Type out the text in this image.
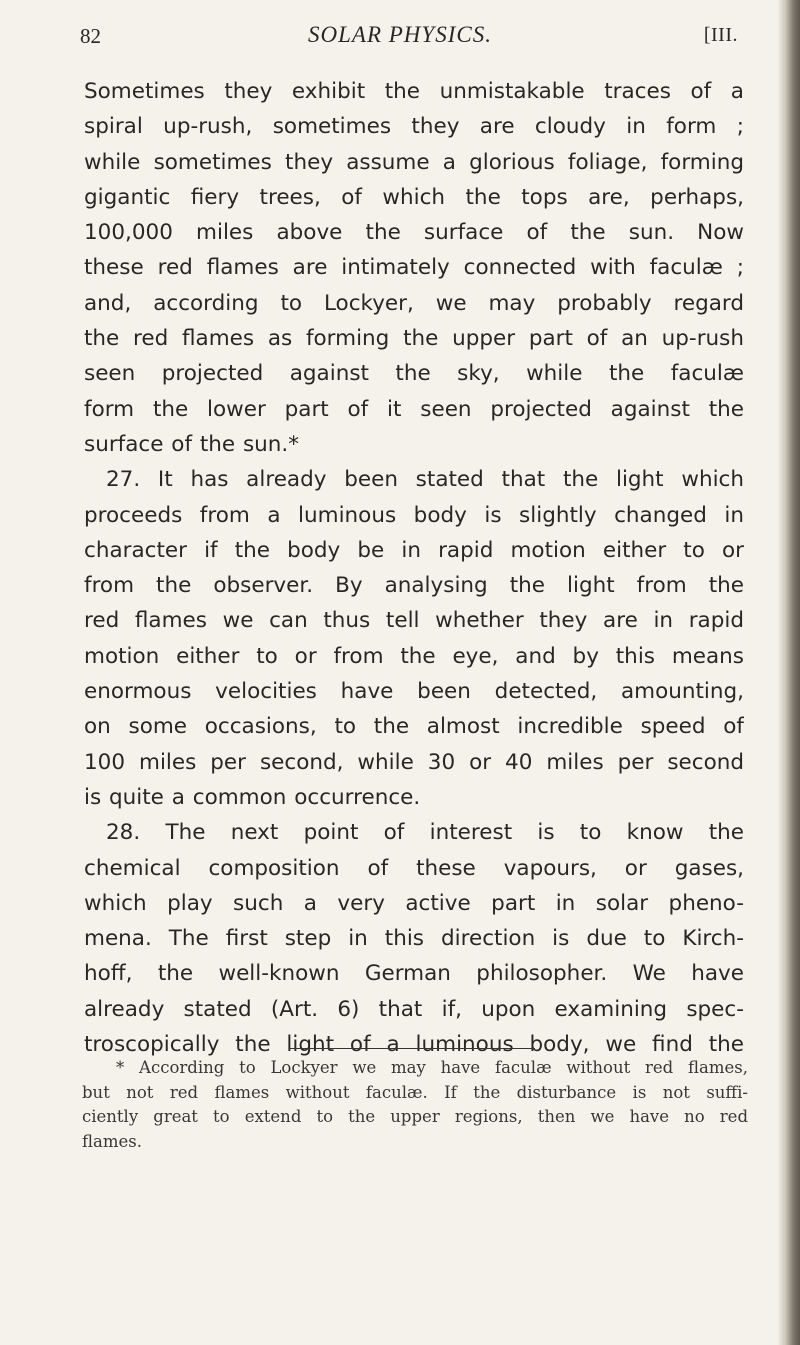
82	SOLAR PHYSICS.	[III.
Sometimes they exhibit the unmistakable traces of a
spiral up-rush, sometimes they are cloudy in form ;
while sometimes they assume a glorious foliage, forming
gigantic fiery trees, of which the tops are, perhaps,
100,000 miles above the surface of the sun. Now
these red flames are intimately connected with faculæ ;
and, according to Lockyer, we may probably regard
the red flames as forming the upper part of an up-rush
seen projected against the sky, while the faculæ
form the lower part of it seen projected against the
surface of the sun.*
27. It has already been stated that the light which
proceeds from a luminous body is slightly changed in
character if the body be in rapid motion either to or
from the observer. By analysing the light from the
red flames we can thus tell whether they are in rapid
motion either to or from the eye, and by this means
enormous velocities have been detected, amounting,
on some occasions, to the almost incredible speed of
100 miles per second, while 30 or 40 miles per second
is quite a common occurrence.
28. The next point of interest is to know the
chemical composition of these vapours, or gases,
which play such a very active part in solar pheno-
mena. The first step in this direction is due to Kirch-
hoff, the well-known German philosopher. We have
already stated (Art. 6) that if, upon examining spec-
troscopically the light of a luminous body, we find the
* According to Lockyer we may have faculæ without red flames,
but not red flames without faculæ. If the disturbance is not suffi-
ciently great to extend to the upper regions, then we have no red
flames.
